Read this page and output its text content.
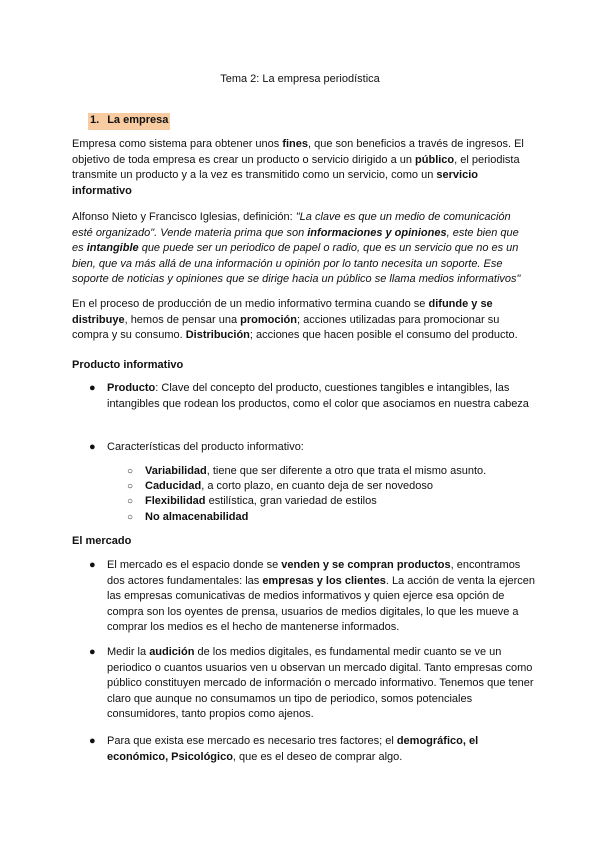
Tema 2: La empresa periodística

1. La empresa

Empresa como sistema para obtener unos fines, que son beneficios a través de ingresos. El objetivo de toda empresa es crear un producto o servicio dirigido a un público, el periodista transmite un producto y a la vez es transmitido como un servicio, como un servicio informativo

Alfonso Nieto y Francisco Iglesias, definición: "La clave es que un medio de comunicación esté organizado". Vende materia prima que son informaciones y opiniones, este bien que es intangible que puede ser un periodico de papel o radio, que es un servicio que no es un bien, que va más allá de una información u opinión por lo tanto necesita un soporte. Ese soporte de noticias y opiniones que se dirige hacia un público se llama medios informativos"

En el proceso de producción de un medio informativo termina cuando se difunde y se distribuye, hemos de pensar una promoción; acciones utilizadas para promocionar su compra y su consumo. Distribución; acciones que hacen posible el consumo del producto.

Producto informativo

● Producto: Clave del concepto del producto, cuestiones tangibles e intangibles, las intangibles que rodean los productos, como el color que asociamos en nuestra cabeza

● Características del producto informativo:

○ Variabilidad, tiene que ser diferente a otro que trata el mismo asunto.

○ Caducidad, a corto plazo, en cuanto deja de ser novedoso

○ Flexibilidad estilística, gran variedad de estilos

○ No almacenabilidad

El mercado

● El mercado es el espacio donde se venden y se compran productos, encontramos dos actores fundamentales: las empresas y los clientes. La acción de venta la ejercen las empresas comunicativas de medios informativos y quien ejerce esa opción de compra son los oyentes de prensa, usuarios de medios digitales, lo que les mueve a comprar los medios es el hecho de mantenerse informados.

● Medir la audición de los medios digitales, es fundamental medir cuanto se ve un periodico o cuantos usuarios ven u observan un mercado digital. Tanto empresas como público constituyen mercado de información o mercado informativo. Tenemos que tener claro que aunque no consumamos un tipo de periodico, somos potenciales consumidores, tanto propios como ajenos.

● Para que exista ese mercado es necesario tres factores; el demográfico, el económico, Psicológico, que es el deseo de comprar algo.
